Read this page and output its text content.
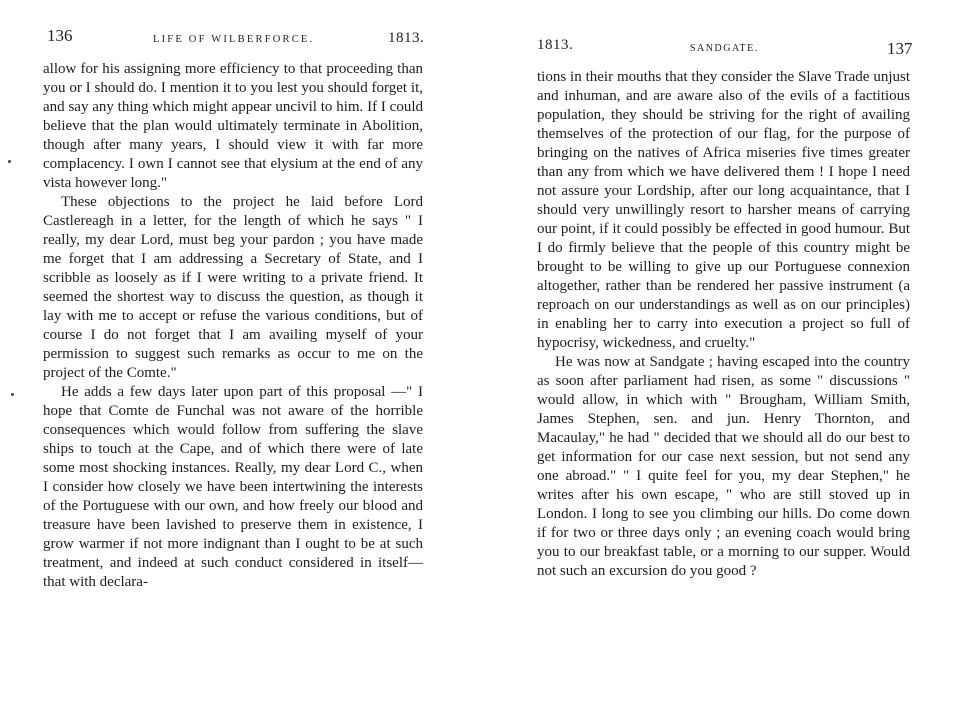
136	LIFE OF WILBERFORCE.	1813.

allow for his assigning more efficiency to that proceeding than you or I should do. I mention it to you lest you should forget it, and say any thing which might appear uncivil to him. If I could believe that the plan would ultimately terminate in Abolition, though after many years, I should view it with far more complacency. I own I cannot see that elysium at the end of any vista however long."

These objections to the project he laid before Lord Castlereagh in a letter, for the length of which he says " I really, my dear Lord, must beg your pardon ; you have made me forget that I am addressing a Secretary of State, and I scribble as loosely as if I were writing to a private friend. It seemed the shortest way to discuss the question, as though it lay with me to accept or refuse the various conditions, but of course I do not forget that I am availing myself of your permission to suggest such remarks as occur to me on the project of the Comte."

He adds a few days later upon part of this proposal —" I hope that Comte de Funchal was not aware of the horrible consequences which would follow from suffering the slave ships to touch at the Cape, and of which there were of late some most shocking instances. Really, my dear Lord C., when I consider how closely we have been intertwining the interests of the Portuguese with our own, and how freely our blood and treasure have been lavished to preserve them in existence, I grow warmer if not more indignant than I ought to be at such treatment, and indeed at such conduct considered in itself—that with declara-

1813.	SANDGATE.	137

tions in their mouths that they consider the Slave Trade unjust and inhuman, and are aware also of the evils of a factitious population, they should be striving for the right of availing themselves of the protection of our flag, for the purpose of bringing on the natives of Africa miseries five times greater than any from which we have delivered them ! I hope I need not assure your Lordship, after our long acquaintance, that I should very unwillingly resort to harsher means of carrying our point, if it could possibly be effected in good humour. But I do firmly believe that the people of this country might be brought to be willing to give up our Portuguese connexion altogether, rather than be rendered her passive instrument (a reproach on our understandings as well as on our principles) in enabling her to carry into execution a project so full of hypocrisy, wickedness, and cruelty."

He was now at Sandgate ; having escaped into the country as soon after parliament had risen, as some " discussions " would allow, in which with " Brougham, William Smith, James Stephen, sen. and jun. Henry Thornton, and Macaulay," he had " decided that we should all do our best to get information for our case next session, but not send any one abroad." " I quite feel for you, my dear Stephen," he writes after his own escape, " who are still stoved up in London. I long to see you climbing our hills. Do come down if for two or three days only ; an evening coach would bring you to our breakfast table, or a morning to our supper. Would not such an excursion do you good ?
